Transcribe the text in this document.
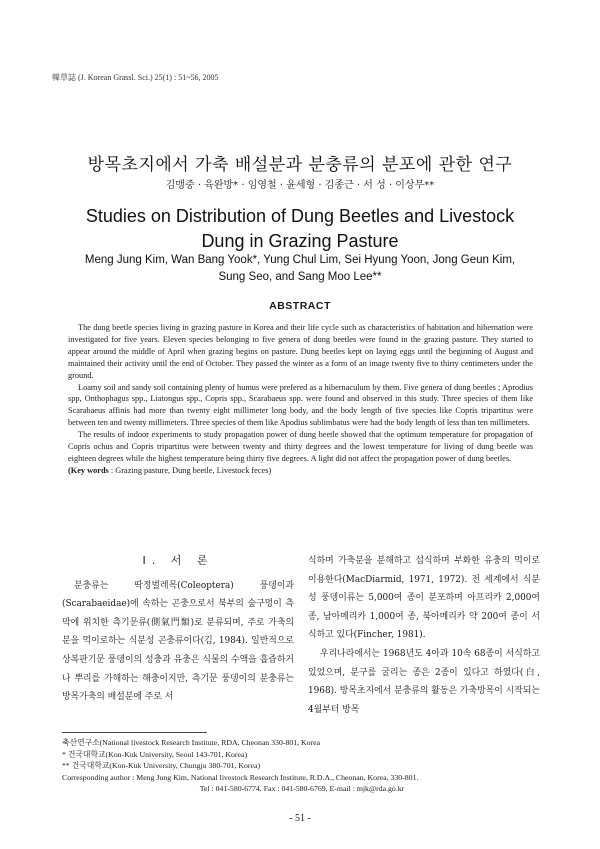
韓草誌 (J. Korean Grassl. Sci.) 25(1) : 51~56, 2005
방목초지에서 가축 배설분과 분충류의 분포에 관한 연구
김맹중 · 육완방* · 임영철 · 윤세형 · 김종근 · 서 성 · 이상무**
Studies on Distribution of Dung Beetles and Livestock
Dung in Grazing Pasture
Meng Jung Kim, Wan Bang Yook*, Yung Chul Lim, Sei Hyung Yoon, Jong Geun Kim,
Sung Seo, and Sang Moo Lee**
ABSTRACT

The dung beetle species living in grazing pasture in Korea and their life cycle such as characteristics of habitation and hibernation were investigated for five years. Eleven species belonging to five genera of dung beetles were found in the grazing pasture. They started to appear around the middle of April when grazing begins on pasture. Dung beetles kept on laying eggs until the beginning of August and maintained their activity until the end of October. They passed the winter as a form of an image twenty five to thirty centimeters under the ground.

Loamy soil and sandy soil containing plenty of humus were prefered as a hibernaculum by them. Five genera of dung beetles ; Aprodius spp, Onthophagus spp., Liatongus spp., Copris spp., Scarabaeus spp. were found and observed in this study. Three species of them like Scarabaeus affinis had more than twenty eight millimeter long body, and the body length of five species like Copris tripartitus were between ten and twenty millimeters. Three species of them like Apodius sublimbatus were had the body length of less than ten millimeters.

The results of indoor experiments to study propagation power of dung beetle showed that the optimum temperature for propagation of Copris ochus and Copris tripartitus were between twenty and thirty degrees and the lowest temperature for living of dung beetle was eighteen degrees while the highest temperature being thirty five degrees. A light did not affect the propagation power of dung beetles.

(Key words : Grazing pasture, Dung beetle, Livestock feces)

Ⅰ. 서 론

분충류는 딱정벌레목(Coleoptera) 풍뎅이과(Scarabaeidae)에 속하는 곤충으로서 북부의 숲구멍이 측막에 위치한 측기문류(側氣門類)로 분류되며, 주로 가축의 분을 먹이로하는 식분성 곤충류이다(김, 1984). 일반적으로 상복판기문 풍뎅이의 성충과 유충은 식물의 수액을 흡즙하거나 뿌리를 가해하는 해충이지만, 측기문 풍뎅이의 분충류는 방목가축의 배설분에 주로 서

식하며 가축분을 분해하고 섭식하며 부화한 유충의 먹이로 이용한다(MacDiarmid, 1971, 1972). 전 세계에서 식분성 풍뎅이류는 5,000여 종이 분포하며 아프리카 2,000여 종, 남아메리카 1,000여 종, 북아메리카 약 200여 종이 서식하고 있다(Fincher, 1981).

우리나라에서는 1968년도 4아과 10속 68종이 서식하고 있었으며, 분구를 굴리는 종은 2종이 있다고 하였다(白, 1968). 방목초지에서 분충류의 활동은 가축방목이 시작되는 4월부터 방목

축산연구소(National livestock Research Institute, RDA, Cheonan 330-801, Korea
* 건국대학교(Kon-Kuk University, Seoul 143-701, Korea)
** 건국대학교(Kon-Kuk University, Chungju 380-701, Korea)
Corresponding author : Meng Jung Kim, National livestock Research Institute, R.D.A., Cheonan, Korea, 330-801.
Tel : 041-580-6774, Fax : 041-580-6769, E-mail : mjk@rda.go.kr
- 51 -
